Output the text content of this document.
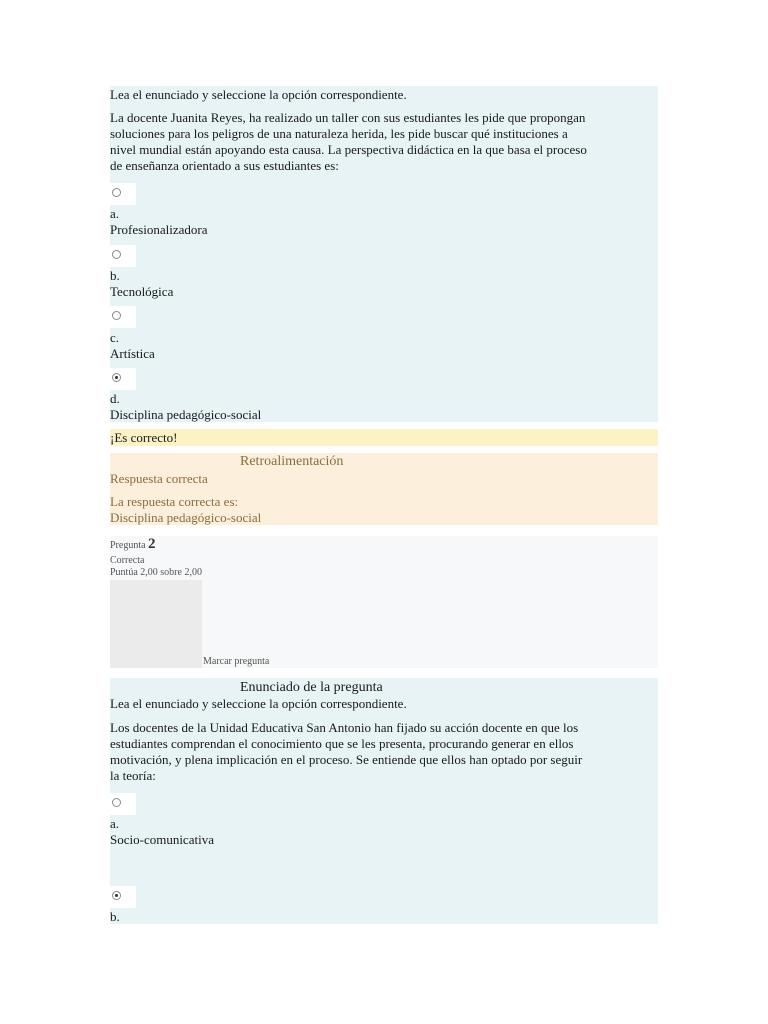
Lea el enunciado y seleccione la opción correspondiente.
La docente Juanita Reyes, ha realizado un taller con sus estudiantes les pide que propongan
soluciones para los peligros de una naturaleza herida, les pide buscar qué instituciones a
nivel mundial están apoyando esta causa. La perspectiva didáctica en la que basa el proceso
de enseñanza orientado a sus estudiantes es:
a.
Profesionalizadora
b.
Tecnológica
c.
Artística
d.
Disciplina pedagógico-social
¡Es correcto!
Retroalimentación
Respuesta correcta
La respuesta correcta es:
Disciplina pedagógico-social
Pregunta 2
Correcta
Puntúa 2,00 sobre 2,00
Marcar pregunta
Enunciado de la pregunta
Lea el enunciado y seleccione la opción correspondiente.
Los docentes de la Unidad Educativa San Antonio han fijado su acción docente en que los
estudiantes comprendan el conocimiento que se les presenta, procurando generar en ellos
motivación, y plena implicación en el proceso. Se entiende que ellos han optado por seguir
la teoría:
a.
Socio-comunicativa
b.
